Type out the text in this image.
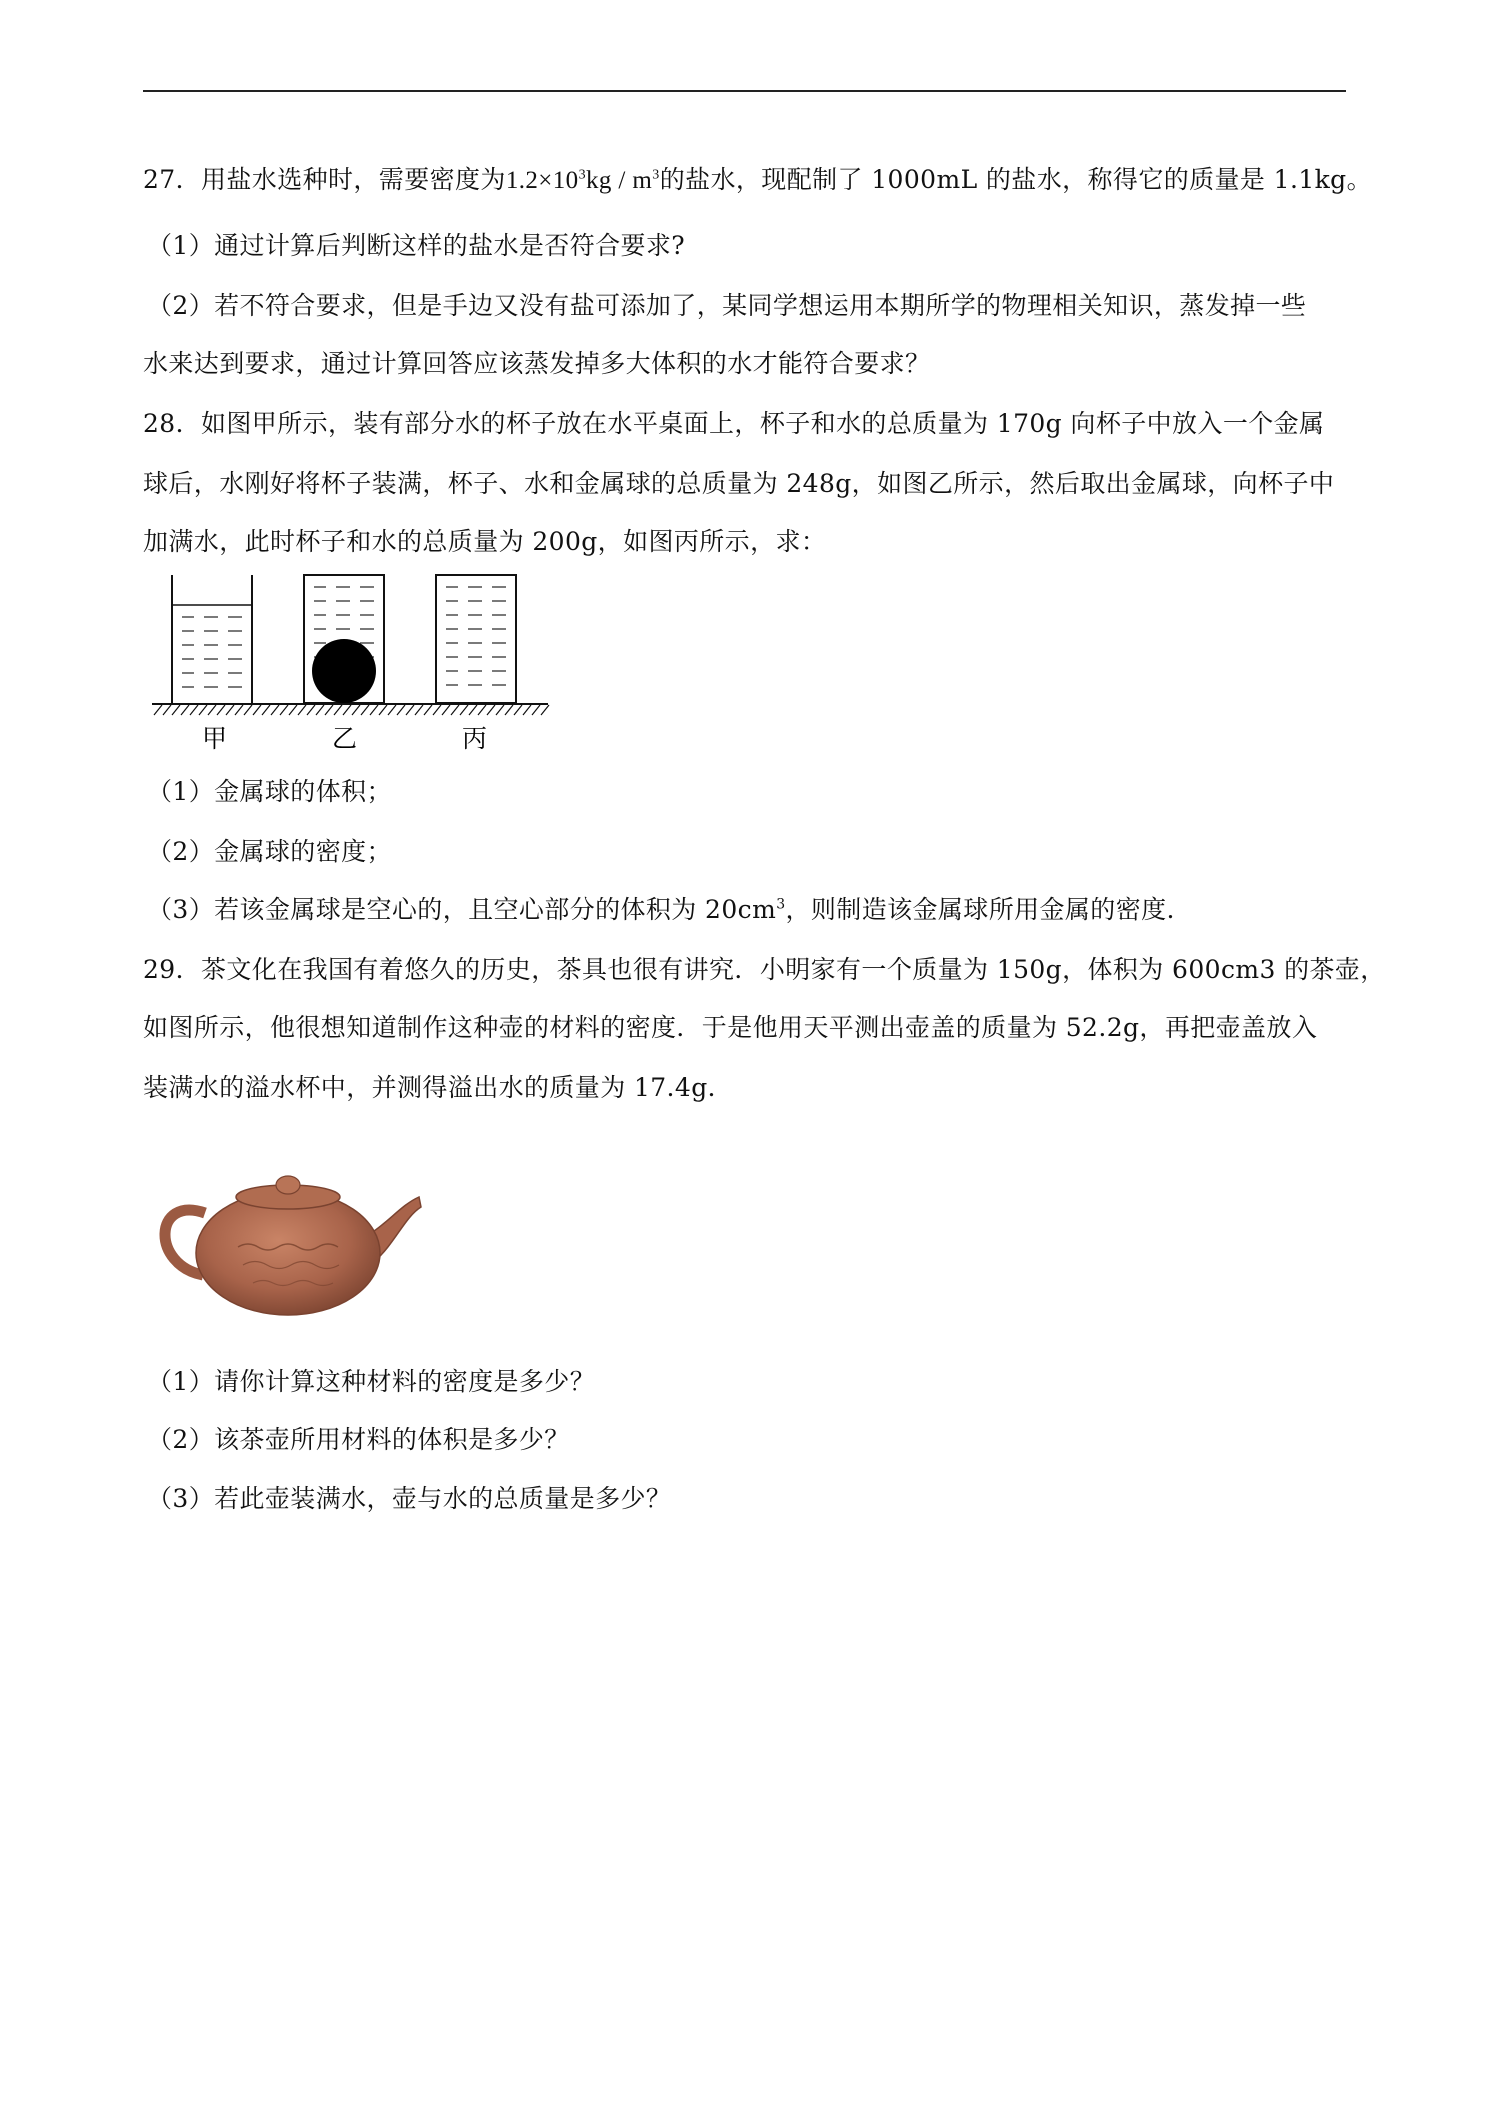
27．用盐水选种时，需要密度为$1.2\times 10^3kg / m^3$的盐水，现配制了 1000mL 的盐水，称得它的质量是 1.1kg。
（1）通过计算后判断这样的盐水是否符合要求?
（2）若不符合要求，但是手边又没有盐可添加了，某同学想运用本期所学的物理相关知识，蒸发掉一些
水来达到要求，通过计算回答应该蒸发掉多大体积的水才能符合要求？
28．如图甲所示，装有部分水的杯子放在水平桌面上，杯子和水的总质量为 170g 向杯子中放入一个金属
球后，水刚好将杯子装满，杯子、水和金属球的总质量为 248g，如图乙所示，然后取出金属球，向杯子中
加满水，此时杯子和水的总质量为 200g，如图丙所示，求：
甲	乙	丙
（1）金属球的体积；
（2）金属球的密度；
（3）若该金属球是空心的，且空心部分的体积为 $20cm^3$，则制造该金属球所用金属的密度.
29．茶文化在我国有着悠久的历史，茶具也很有讲究．小明家有一个质量为 150g，体积为 600cm3 的茶壶，
如图所示，他很想知道制作这种壶的材料的密度．于是他用天平测出壶盖的质量为 52.2g，再把壶盖放入
装满水的溢水杯中，并测得溢出水的质量为 17.4g．
（1）请你计算这种材料的密度是多少？
（2）该茶壶所用材料的体积是多少？
（3）若此壶装满水，壶与水的总质量是多少？
